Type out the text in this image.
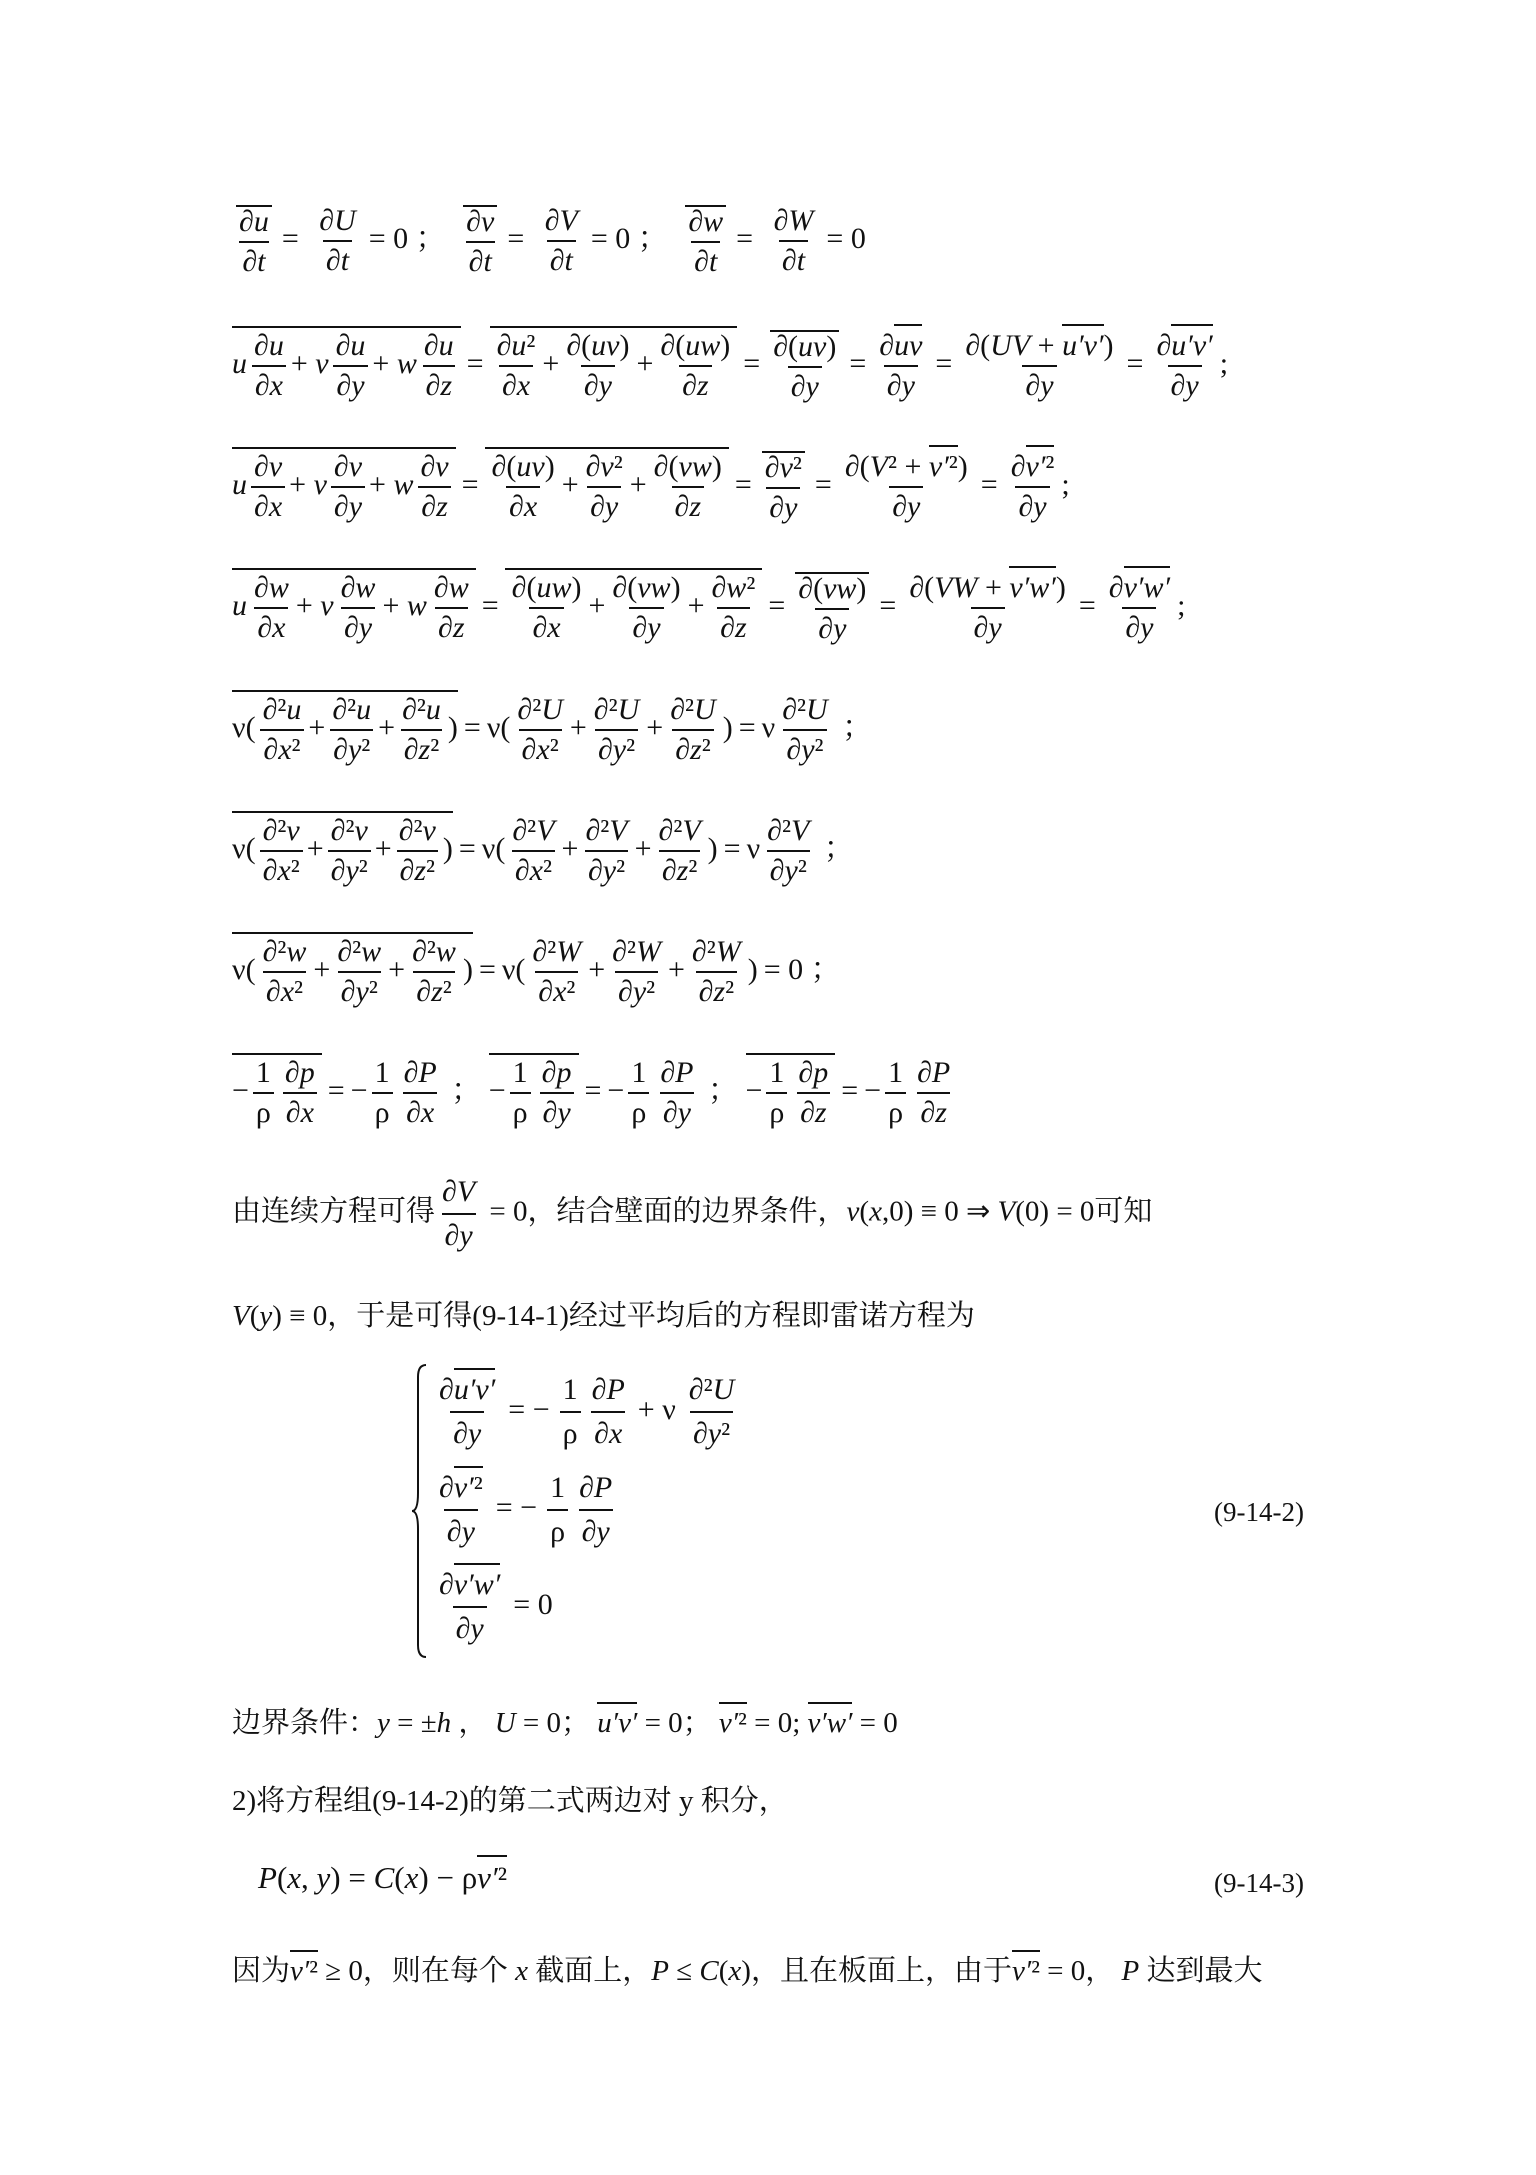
$\frac{\partial u}{\partial t} = \frac{\partial U}{\partial t} = 0$ ； $\frac{\partial v}{\partial t} = \frac{\partial V}{\partial t} = 0$ ； $\frac{\partial w}{\partial t} = \frac{\partial W}{\partial t} = 0$
u $\frac{\partial u}{\partial x} + v \frac{\partial u}{\partial y} + w \frac{\partial u}{\partial z} = \frac{\text{∂u²}}{\partial x} + \frac{\partial(uv)}{\partial y} + \frac{\partial(uw)}{\partial z} = \frac{\partial(uv)}{\partial y} = \frac{\partial uv}{\partial y} = \frac{\partial(UV + u'v')}{\partial y} = \frac{\partial u'v'}{\partial y}$ ;
u $\frac{\partial v}{\partial x} + v \frac{\partial v}{\partial y} + w \frac{\partial v}{\partial z} = \frac{\partial(uv)}{\partial x} + \frac{\text{∂v²}}{\partial y} + \frac{\partial(vw)}{\partial z} = \frac{\text{∂v²}}{\partial y} = \frac{\text{∂(V² + v′²)}}{\partial y} = \frac{\text{∂v′²}}{\partial y}$ ;
u $\frac{\partial w}{\partial x} + v \frac{\partial w}{\partial y} + w \frac{\partial w}{\partial z} = \frac{\partial(uw)}{\partial x} + \frac{\partial(vw)}{\partial y} + \frac{\text{∂w²}}{\partial z} = \frac{\partial(vw)}{\partial y} = \frac{\partial(VW + v'w')}{\partial y} = \frac{\partial v'w'}{\partial y}$ ;
$\nu( \frac{\text{∂²u}}{\text{∂x²}} + \frac{\text{∂²u}}{\text{∂y²}} + \frac{\text{∂²u}}{\text{∂z²}}$ ) = $\nu( \frac{\text{∂²U}}{\text{∂x²}} + \frac{\text{∂²U}}{\text{∂y²}} + \frac{\text{∂²U}}{\text{∂z²}}$ ) = ν $\frac{\text{∂²U}}{\text{∂y²}}$ ；
$\nu( \frac{\text{∂²v}}{\text{∂x²}} + \frac{\text{∂²v}}{\text{∂y²}} + \frac{\text{∂²v}}{\text{∂z²}}$ ) = $\nu( \frac{\text{∂²V}}{\text{∂x²}} + \frac{\text{∂²V}}{\text{∂y²}} + \frac{\text{∂²V}}{\text{∂z²}}$ ) = ν $\frac{\text{∂²V}}{\text{∂y²}}$ ；
$\nu( \frac{\text{∂²w}}{\text{∂x²}} + \frac{\text{∂²w}}{\text{∂y²}} + \frac{\text{∂²w}}{\text{∂z²}}$ ) = $\nu( \frac{\text{∂²W}}{\text{∂x²}} + \frac{\text{∂²W}}{\text{∂y²}} + \frac{\text{∂²W}}{\text{∂z²}}$ ) = 0 ；
− $\frac{1}{\rho} \frac{\partial p}{\partial x}$ = − $\frac{1}{\rho} \frac{\partial P}{\partial x}$ ； − $\frac{1}{\rho} \frac{\partial p}{\partial y}$ = − $\frac{1}{\rho} \frac{\partial P}{\partial y}$ ； − $\frac{1}{\rho} \frac{\partial p}{\partial z}$ = − $\frac{1}{\rho} \frac{\partial P}{\partial z}$
由连续方程可得 $\frac{\partial V}{\partial y} = 0$，结合壁面的边界条件，v(x,0) ≡ 0 ⇒ V(0) = 0可知
V(y) ≡ 0，于是可得(9-14-1)经过平均后的方程即雷诺方程为
$\frac{\partial u'v'}{\partial y}$ = − $\frac{1}{\rho} \frac{\partial P}{\partial x} + \nu \frac{\text{∂²U}}{\text{∂y²}}$
$\frac{\text{∂v′²}}{\partial y}$ = − $\frac{1}{\rho} \frac{\partial P}{\partial y}$
$\frac{\partial v'w'}{\partial y} = 0$
(9-14-2)
边界条件：y = ±h ， U = 0； u′v′ = 0； v′² = 0; v′w′ = 0
2)将方程组(9-14-2)的第二式两边对 y 积分，
P(x, y) = C(x) − ρv′²	(9-14-3)
因为v′² ≥ 0，则在每个 x 截面上，P ≤ C(x)，且在板面上，由于v′² = 0， P 达到最大
